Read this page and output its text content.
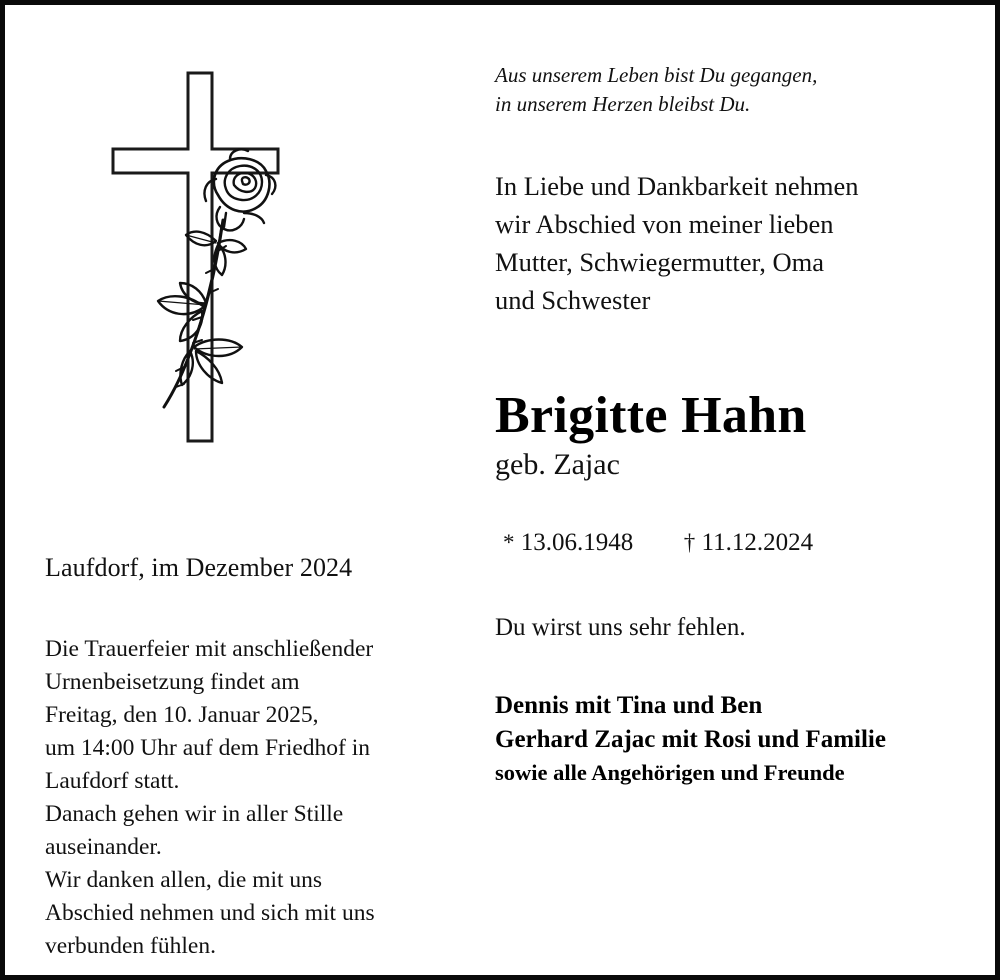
Laufdorf, im Dezember 2024
Die Trauerfeier mit anschließender
Urnenbeisetzung findet am
Freitag, den 10. Januar 2025,
um 14:00 Uhr auf dem Friedhof in
Laufdorf statt.
Danach gehen wir in aller Stille
auseinander.
Wir danken allen, die mit uns
Abschied nehmen und sich mit uns
verbunden fühlen.
Aus unserem Leben bist Du gegangen,
in unserem Herzen bleibst Du.
In Liebe und Dankbarkeit nehmen
wir Abschied von meiner lieben
Mutter, Schwiegermutter, Oma
und Schwester
Brigitte Hahn
geb. Zajac
* 13.06.1948 † 11.12.2024
Du wirst uns sehr fehlen.
Dennis mit Tina und Ben
Gerhard Zajac mit Rosi und Familie
sowie alle Angehörigen und Freunde
